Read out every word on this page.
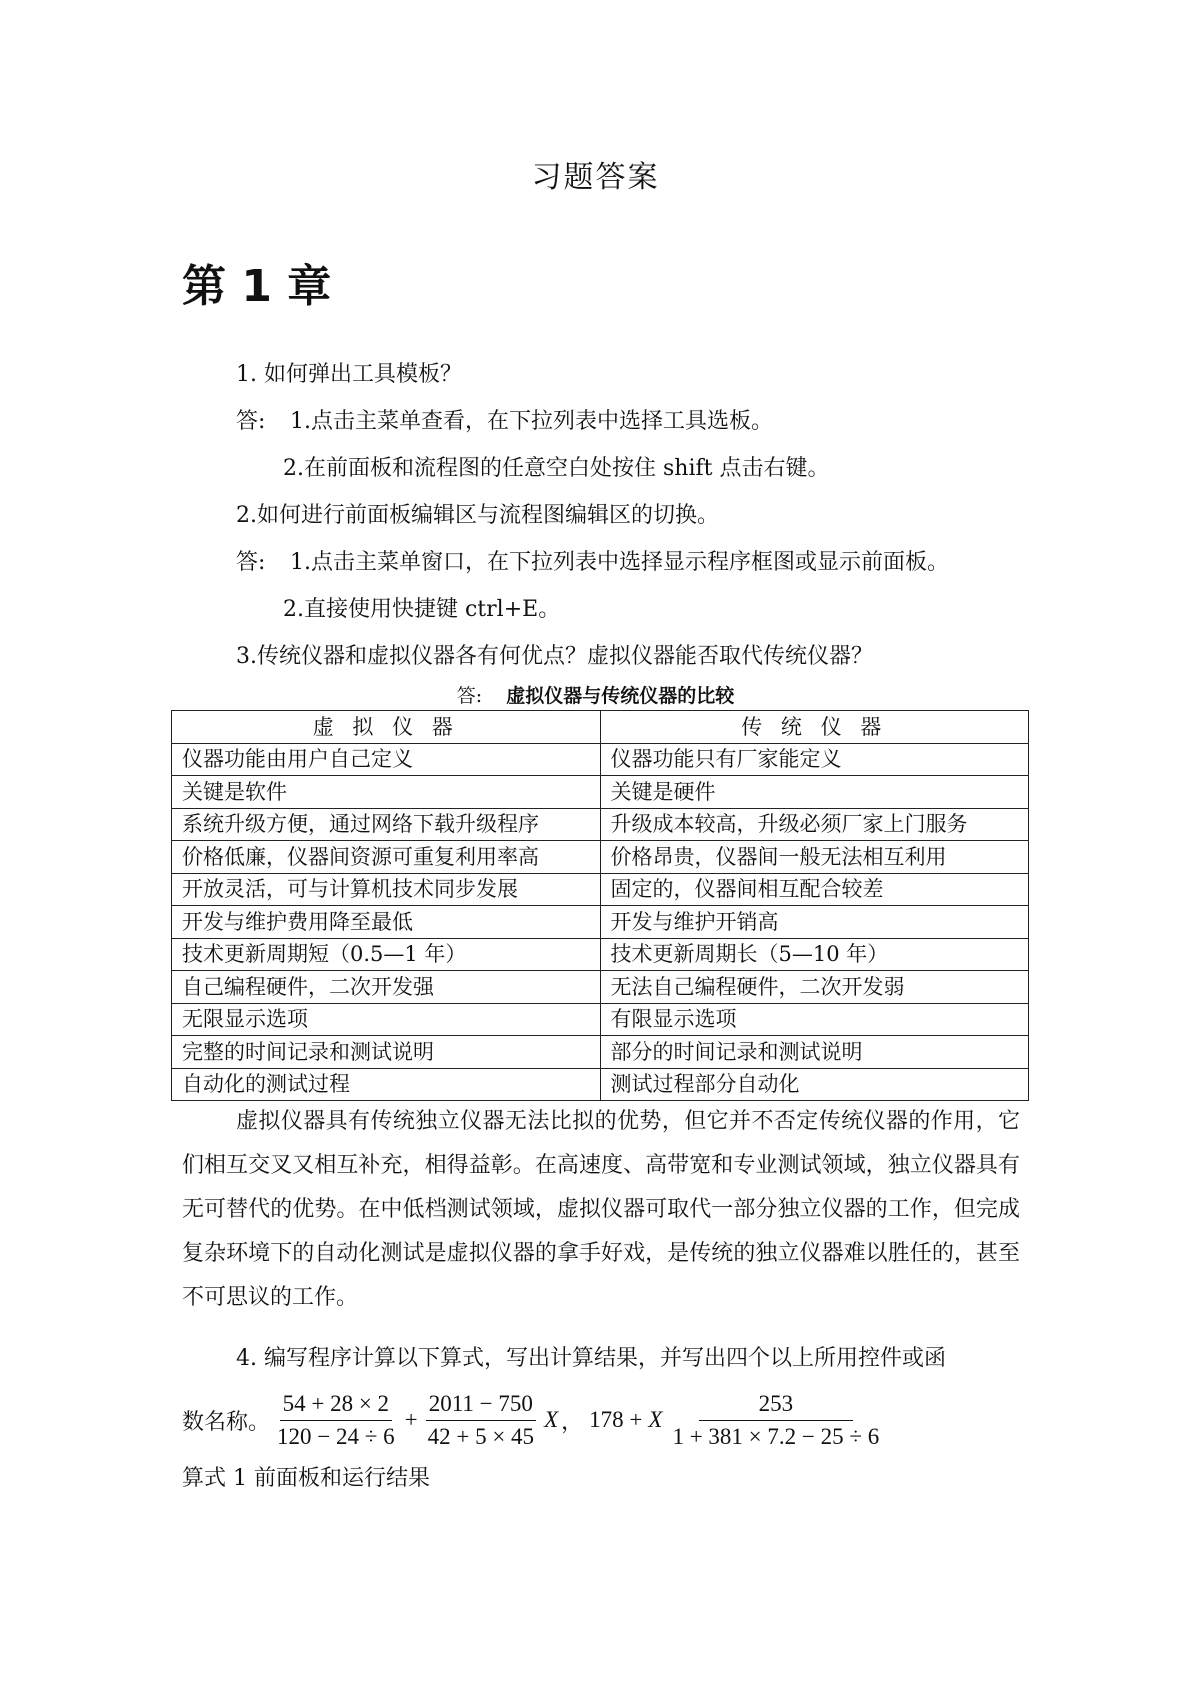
习题答案
第 1 章
1. 如何弹出工具模板？
答: 1.点击主菜单查看，在下拉列表中选择工具选板。
2.在前面板和流程图的任意空白处按住 shift 点击右键。
2.如何进行前面板编辑区与流程图编辑区的切换。
答: 1.点击主菜单窗口，在下拉列表中选择显示程序框图或显示前面板。
2.直接使用快捷键 ctrl+E。
3.传统仪器和虚拟仪器各有何优点？虚拟仪器能否取代传统仪器？
答: 虚拟仪器与传统仪器的比较
虚 拟 仪 器	传 统 仪 器
仪器功能由用户自己定义	仪器功能只有厂家能定义
关键是软件	关键是硬件
系统升级方便，通过网络下载升级程序	升级成本较高，升级必须厂家上门服务
价格低廉，仪器间资源可重复利用率高	价格昂贵，仪器间一般无法相互利用
开放灵活，可与计算机技术同步发展	固定的，仪器间相互配合较差
开发与维护费用降至最低	开发与维护开销高
技术更新周期短（0.5—1 年）	技术更新周期长（5—10 年）
自己编程硬件，二次开发强	无法自己编程硬件，二次开发弱
无限显示选项	有限显示选项
完整的时间记录和测试说明	部分的时间记录和测试说明
自动化的测试过程	测试过程部分自动化
虚拟仪器具有传统独立仪器无法比拟的优势，但它并不否定传统仪器的作用，它们相互交叉又相互补充，相得益彰。在高速度、高带宽和专业测试领域，独立仪器具有无可替代的优势。在中低档测试领域，虚拟仪器可取代一部分独立仪器的工作，但完成复杂环境下的自动化测试是虚拟仪器的拿手好戏，是传统的独立仪器难以胜任的，甚至不可思议的工作。
4. 编写程序计算以下算式，写出计算结果，并写出四个以上所用控件或函
数名称。 $\frac{54 + 28 \times 2}{120 - 24 \div 6} + \frac{2011 - 750}{42 + 5 \times 45}$ X ， 178 + X $\frac{253}{1 + 381 \times 7.2 - 25 \div 6}$
算式 1 前面板和运行结果
